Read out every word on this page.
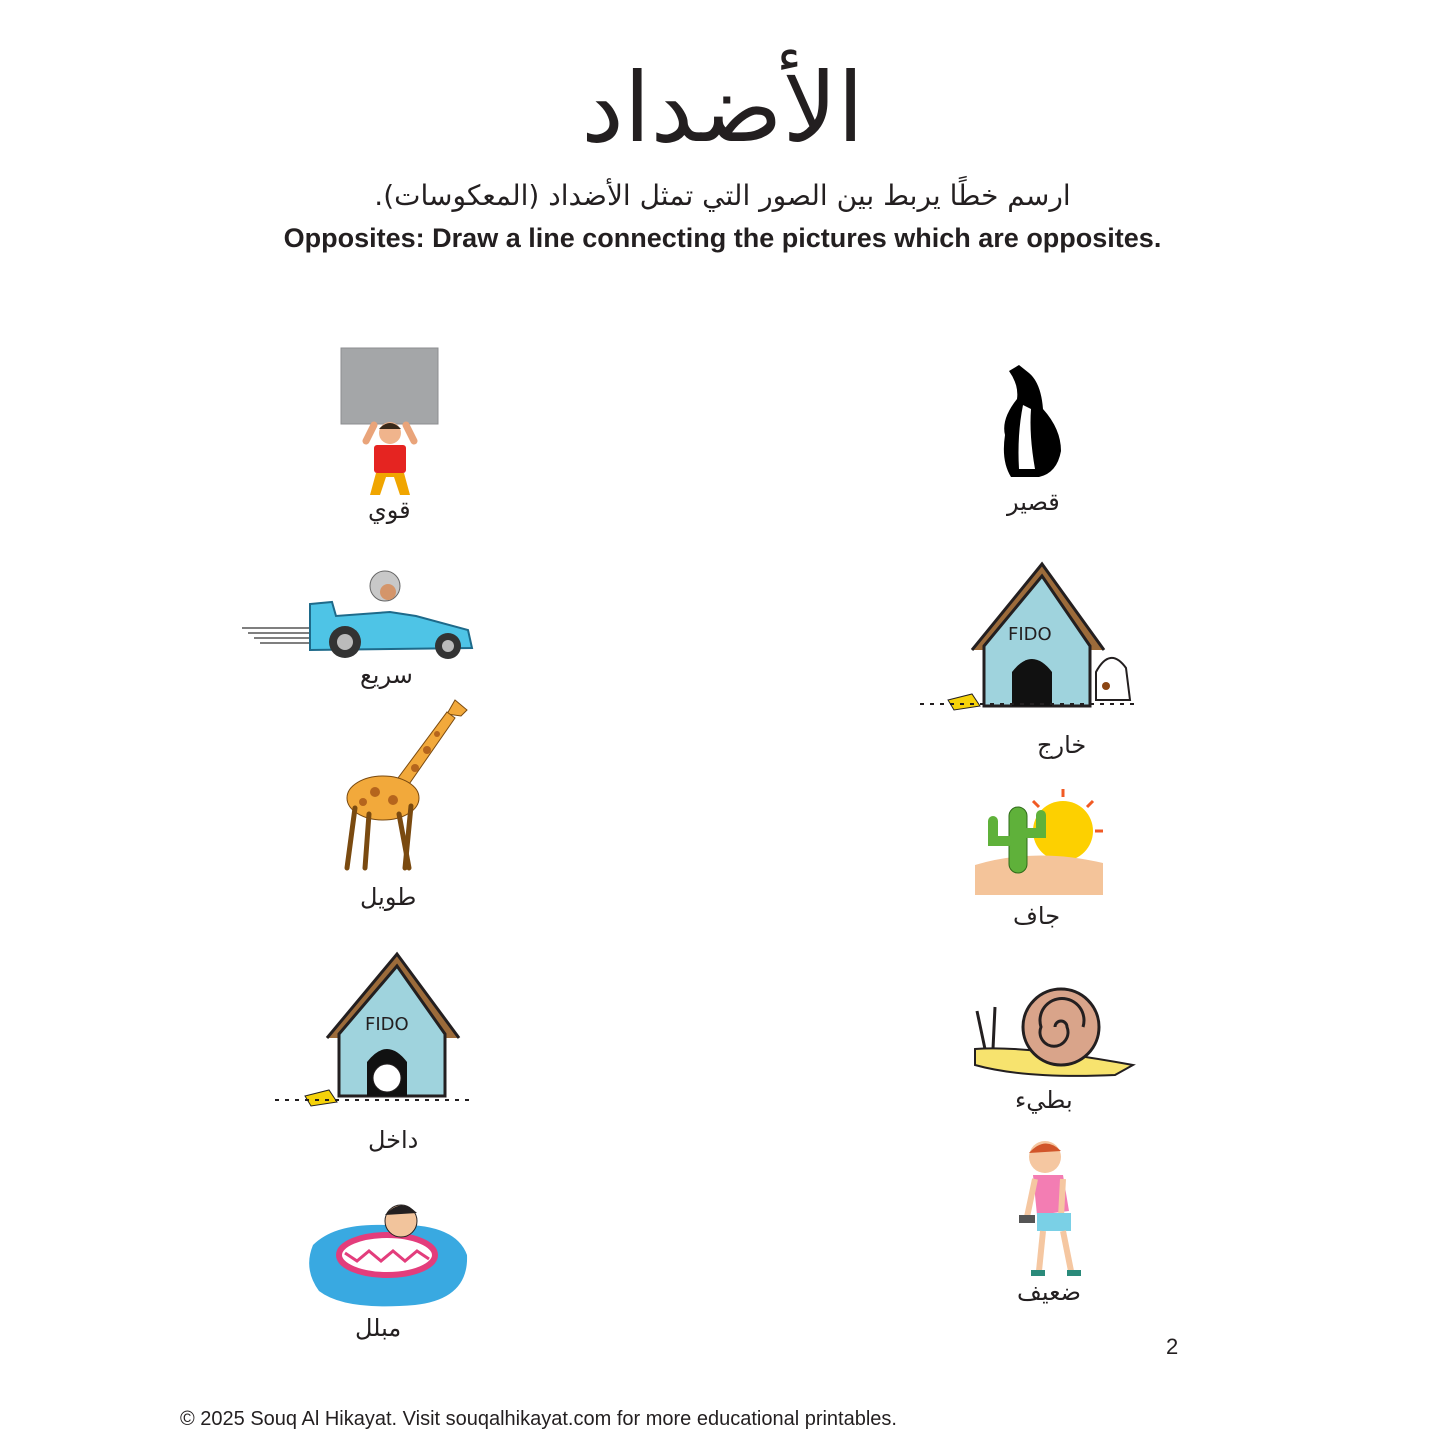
الأضداد
ارسم خطًا يربط بين الصور التي تمثل الأضداد (المعكوسات).
Opposites: Draw a line connecting the pictures which are opposites.
قوي
سريع
طويل
FIDO
داخل
مبلل
قصير
FIDO
خارج
جاف
بطيء
ضعيف
2
© 2025 Souq Al Hikayat. Visit souqalhikayat.com for more educational printables.
